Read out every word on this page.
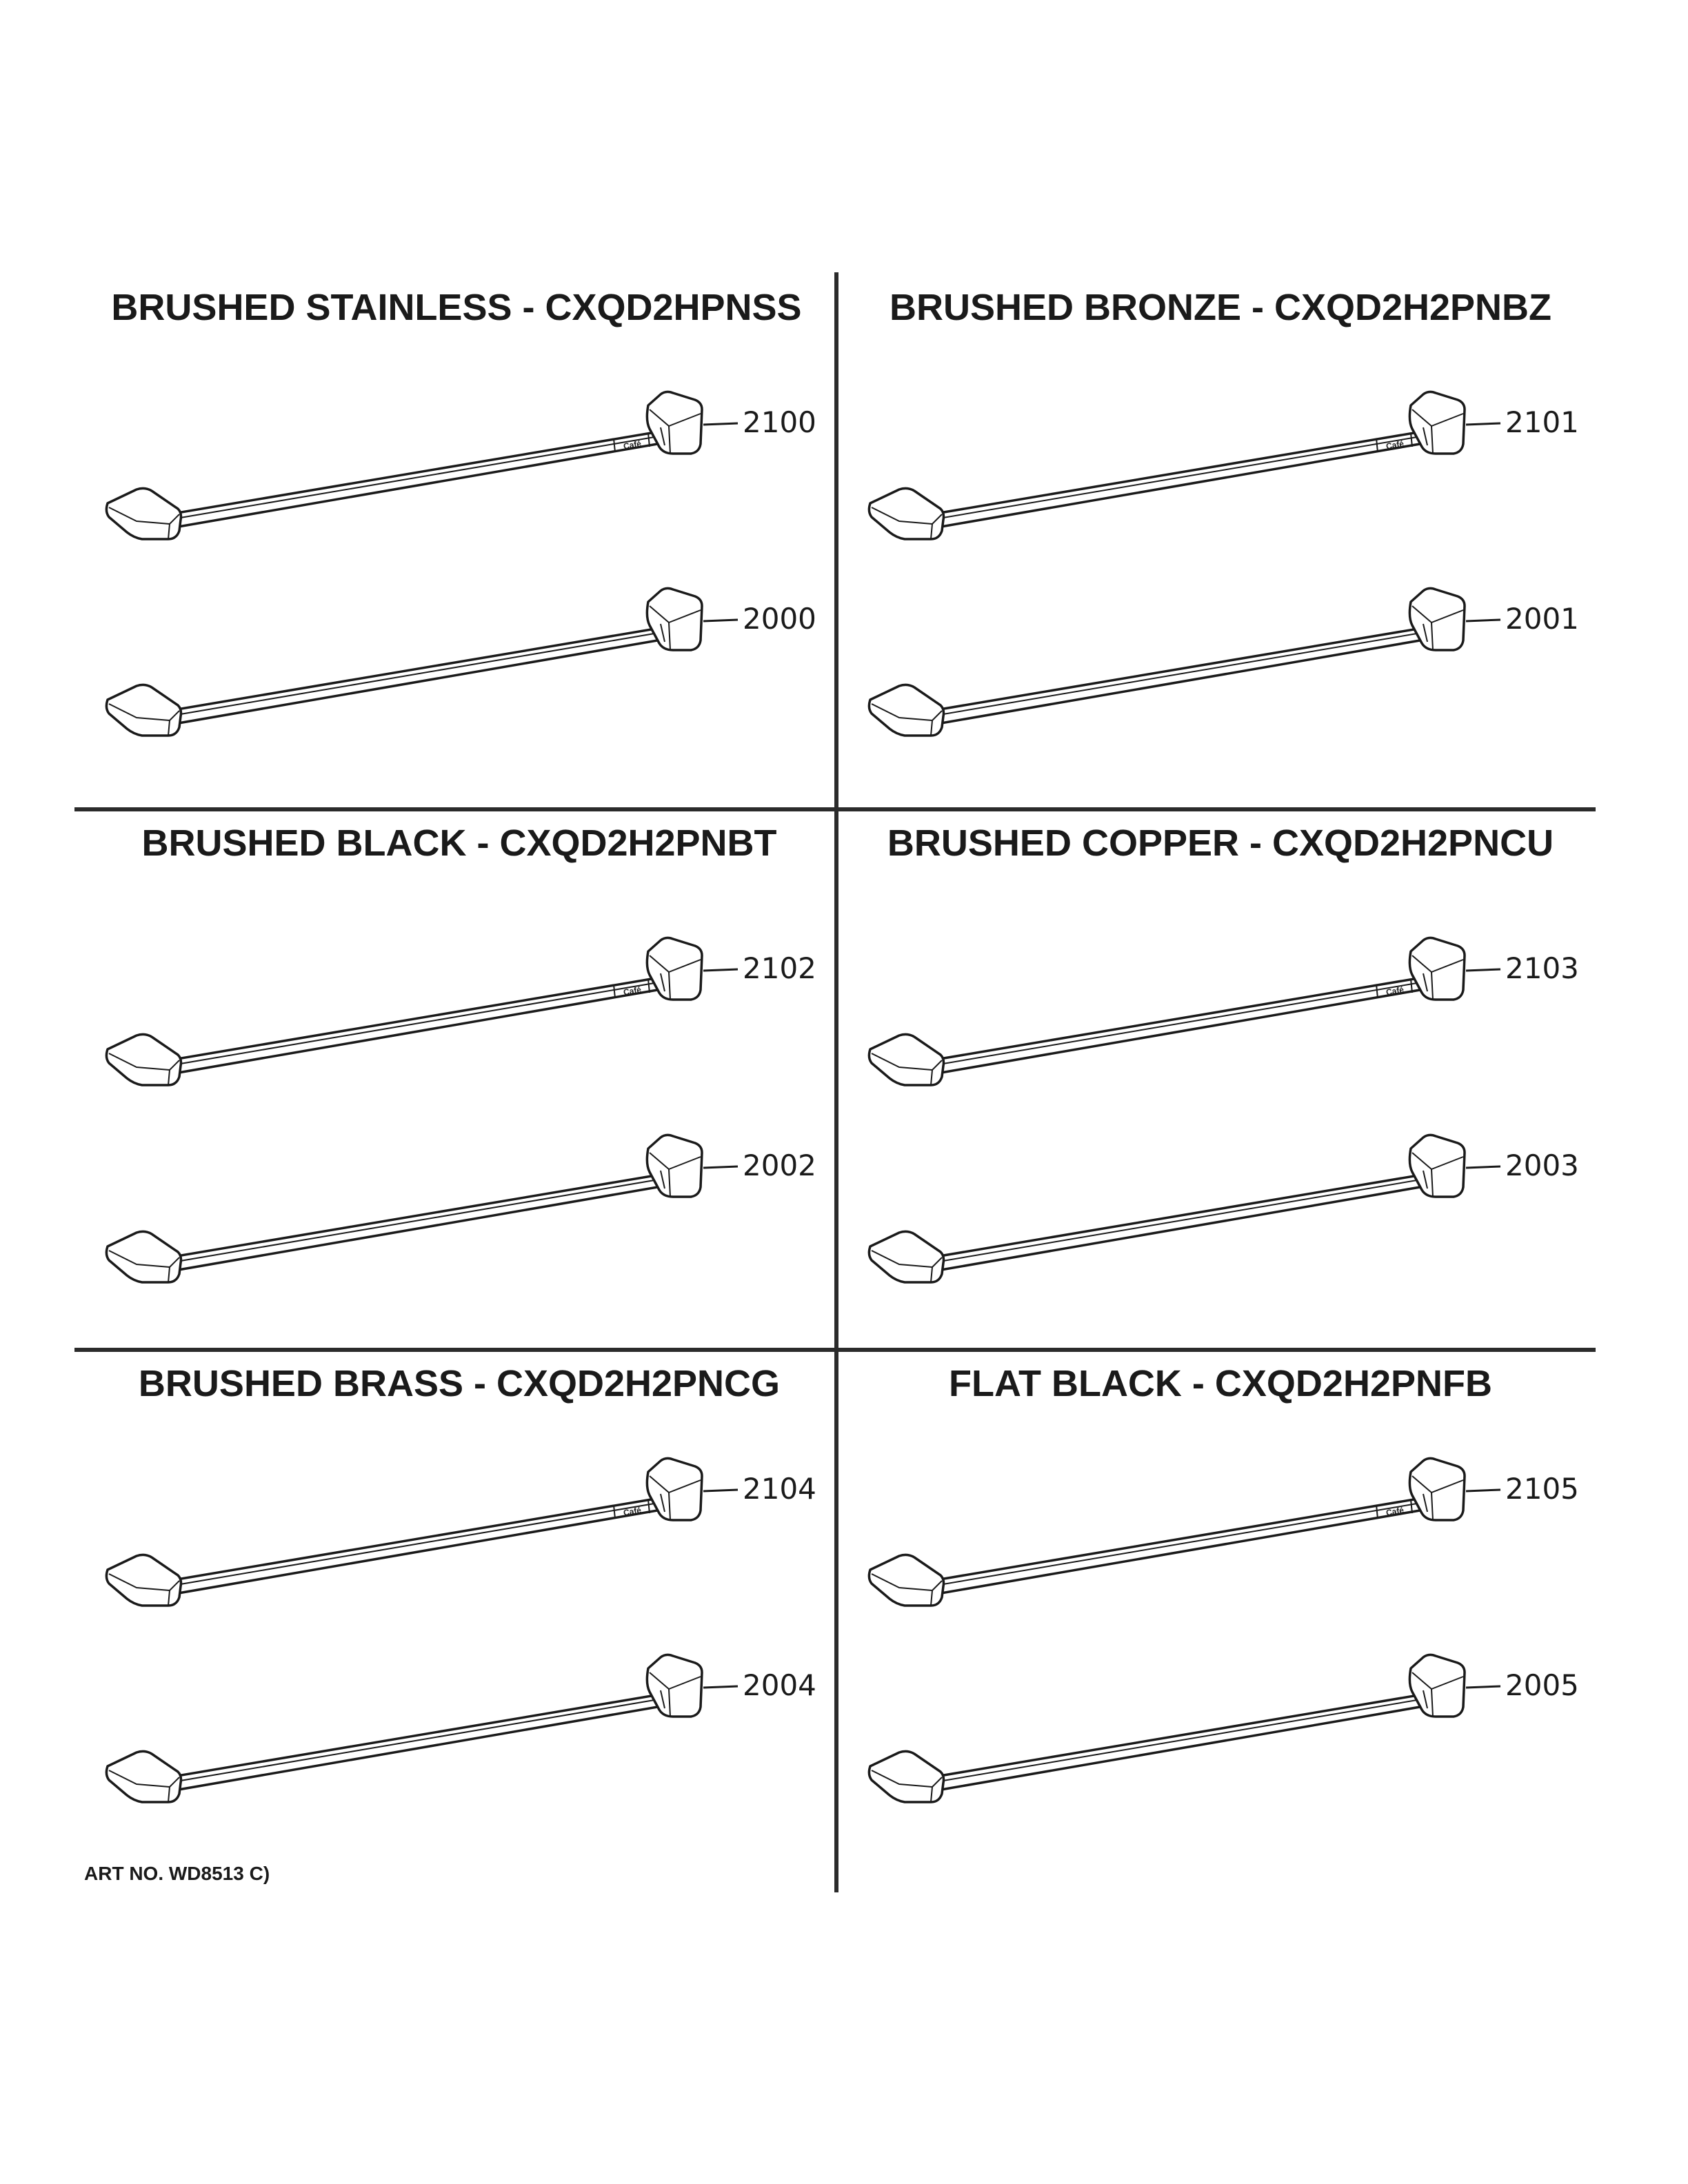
BRUSHED STAINLESS - CXQD2HPNSS BRUSHED BRONZE - CXQD2H2PNBZ
BRUSHED BLACK - CXQD2H2PNBT	BRUSHED COPPER - CXQD2H2PNCU
BRUSHED BRASS - CXQD2H2PNCG	FLAT BLACK - CXQD2H2PNFB
2100
2000
2101
2001
2102
2002
2103
2003
2104
2004
2105
2005
ART NO. WD8513 C)
Café	Café
Café	Café
Café	Café
